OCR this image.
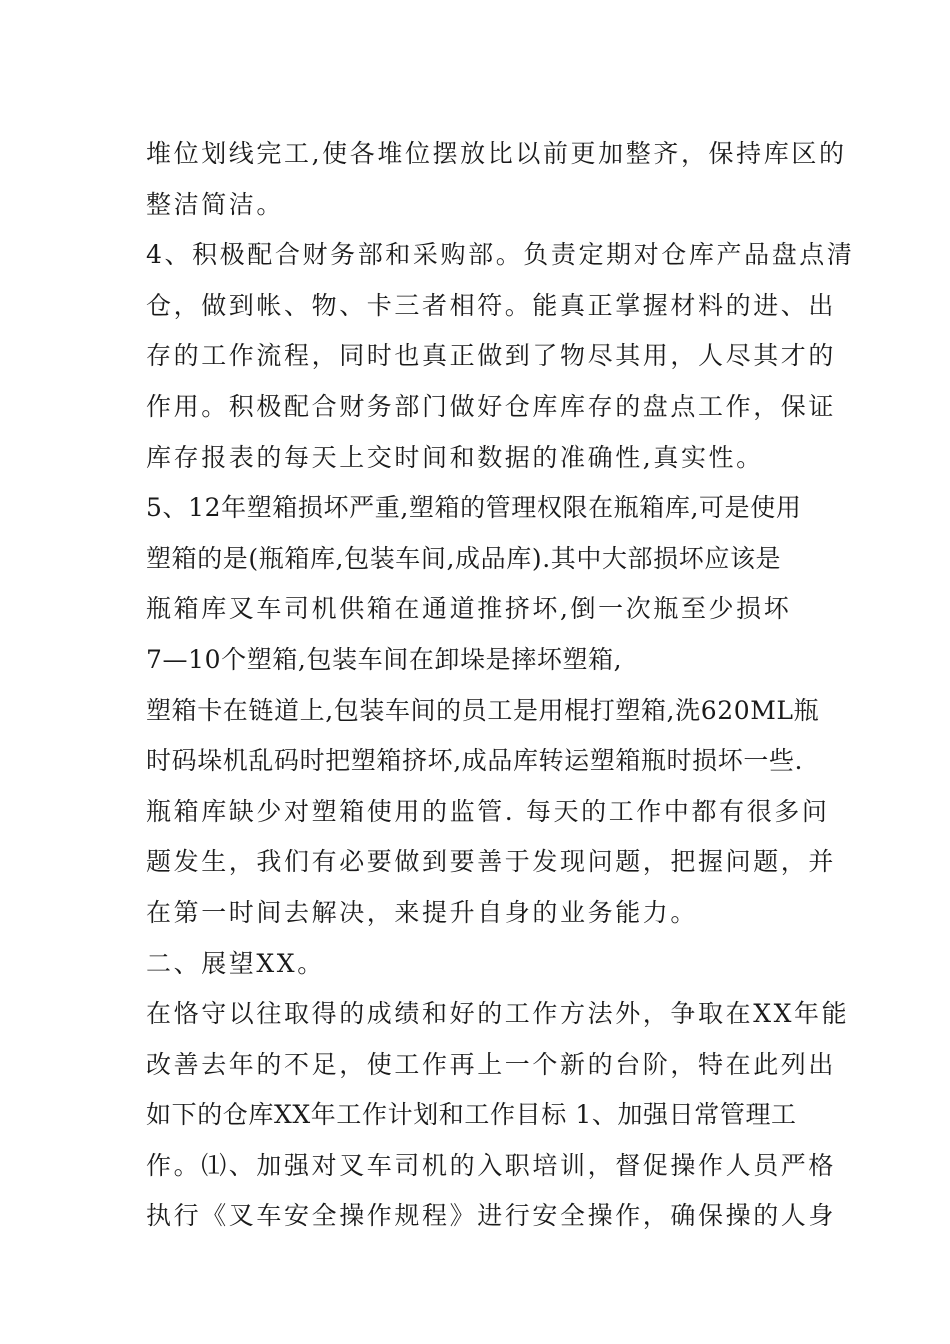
堆位划线完工,使各堆位摆放比以前更加整齐，保持库区的
整洁简洁。
4、积极配合财务部和采购部。负责定期对仓库产品盘点清
仓，做到帐、物、卡三者相符。能真正掌握材料的进、出
存的工作流程，同时也真正做到了物尽其用，人尽其才的
作用。积极配合财务部门做好仓库库存的盘点工作，保证
库存报表的每天上交时间和数据的准确性,真实性。
5、12年塑箱损坏严重,塑箱的管理权限在瓶箱库,可是使用
塑箱的是(瓶箱库,包装车间,成品库).其中大部损坏应该是
瓶箱库叉车司机供箱在通道推挤坏,倒一次瓶至少损坏
7—10个塑箱,包装车间在卸垛是摔坏塑箱,
塑箱卡在链道上,包装车间的员工是用棍打塑箱,洗620ML瓶
时码垛机乱码时把塑箱挤坏,成品库转运塑箱瓶时损坏一些.
瓶箱库缺少对塑箱使用的监管. 每天的工作中都有很多问
题发生，我们有必要做到要善于发现问题，把握问题，并
在第一时间去解决，来提升自身的业务能力。
二、展望XX。
在恪守以往取得的成绩和好的工作方法外，争取在XX年能
改善去年的不足，使工作再上一个新的台阶，特在此列出
如下的仓库XX年工作计划和工作目标 1、加强日常管理工
作。⑴、加强对叉车司机的入职培训，督促操作人员严格
执行《叉车安全操作规程》进行安全操作，确保操的人身
